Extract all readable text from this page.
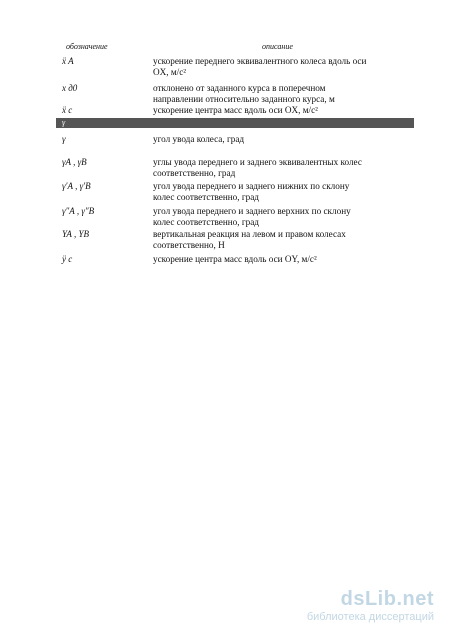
обозначение	описание
ẍ A	ускорение переднего эквивалентного колеса вдоль оси
OX, м/с²
x д0	отклонено от заданного курса в поперечном
направлении относительно заданного курса, м
ẍ c	ускорение центра масс вдоль оси OX, м/с²
γ
γ	угол увода колеса, град
γA , γB	углы увода переднего и заднего эквивалентных колес
соответственно, град
γ′A , γ′B	угол увода переднего и заднего нижних по склону
колес соответственно, град
γ″A , γ″B	угол увода переднего и заднего верхних по склону
колес соответственно, град
YA , YB	вертикальная реакция на левом и правом колесах
соответственно, Н
ÿ c	ускорение центра масс вдоль оси OY, м/с²
dsLib.net
библиотека диссертаций
